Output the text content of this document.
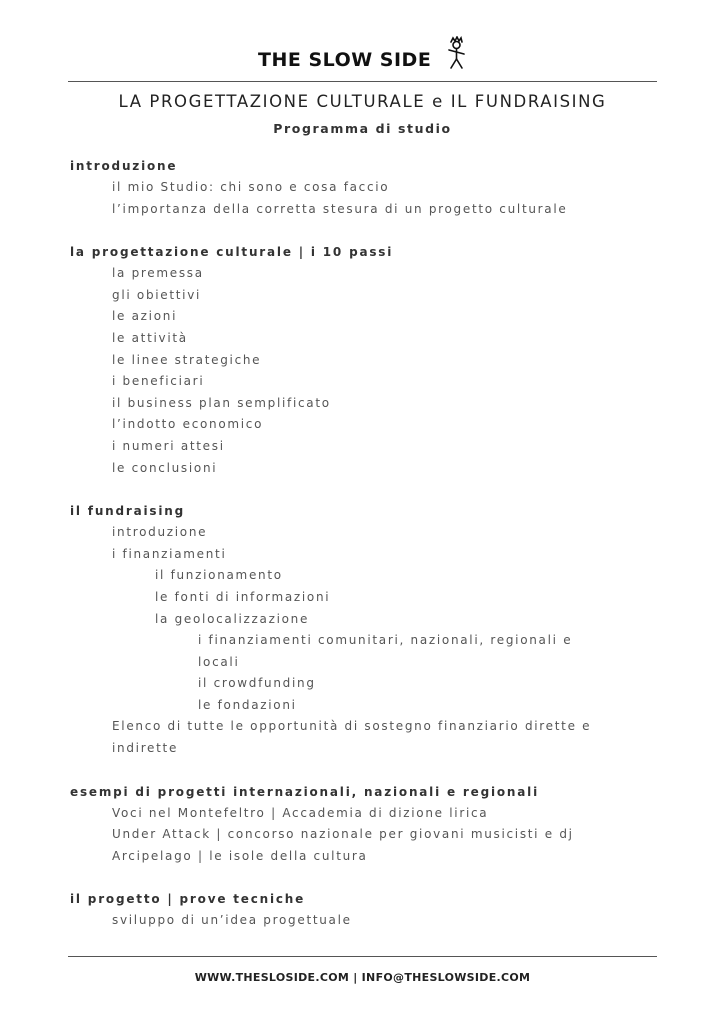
THE SLOW SIDE
LA PROGETTAZIONE CULTURALE e IL FUNDRAISING
Programma di studio
introduzione
il mio Studio: chi sono e cosa faccio
l’importanza della corretta stesura di un progetto culturale
la progettazione culturale | i 10 passi
la premessa
gli obiettivi
le azioni
le attività
le linee strategiche
i beneficiari
il business plan semplificato
l’indotto economico
i numeri attesi
le conclusioni
il fundraising
introduzione
i finanziamenti
il funzionamento
le fonti di informazioni
la geolocalizzazione
i finanziamenti comunitari, nazionali, regionali e
locali
il crowdfunding
le fondazioni
Elenco di tutte le opportunità di sostegno finanziario dirette e
indirette
esempi di progetti internazionali, nazionali e regionali
Voci nel Montefeltro | Accademia di dizione lirica
Under Attack | concorso nazionale per giovani musicisti e dj
Arcipelago | le isole della cultura
il progetto | prove tecniche
sviluppo di un’idea progettuale
WWW.THESLOSIDE.COM | INFO@THESLOWSIDE.COM
